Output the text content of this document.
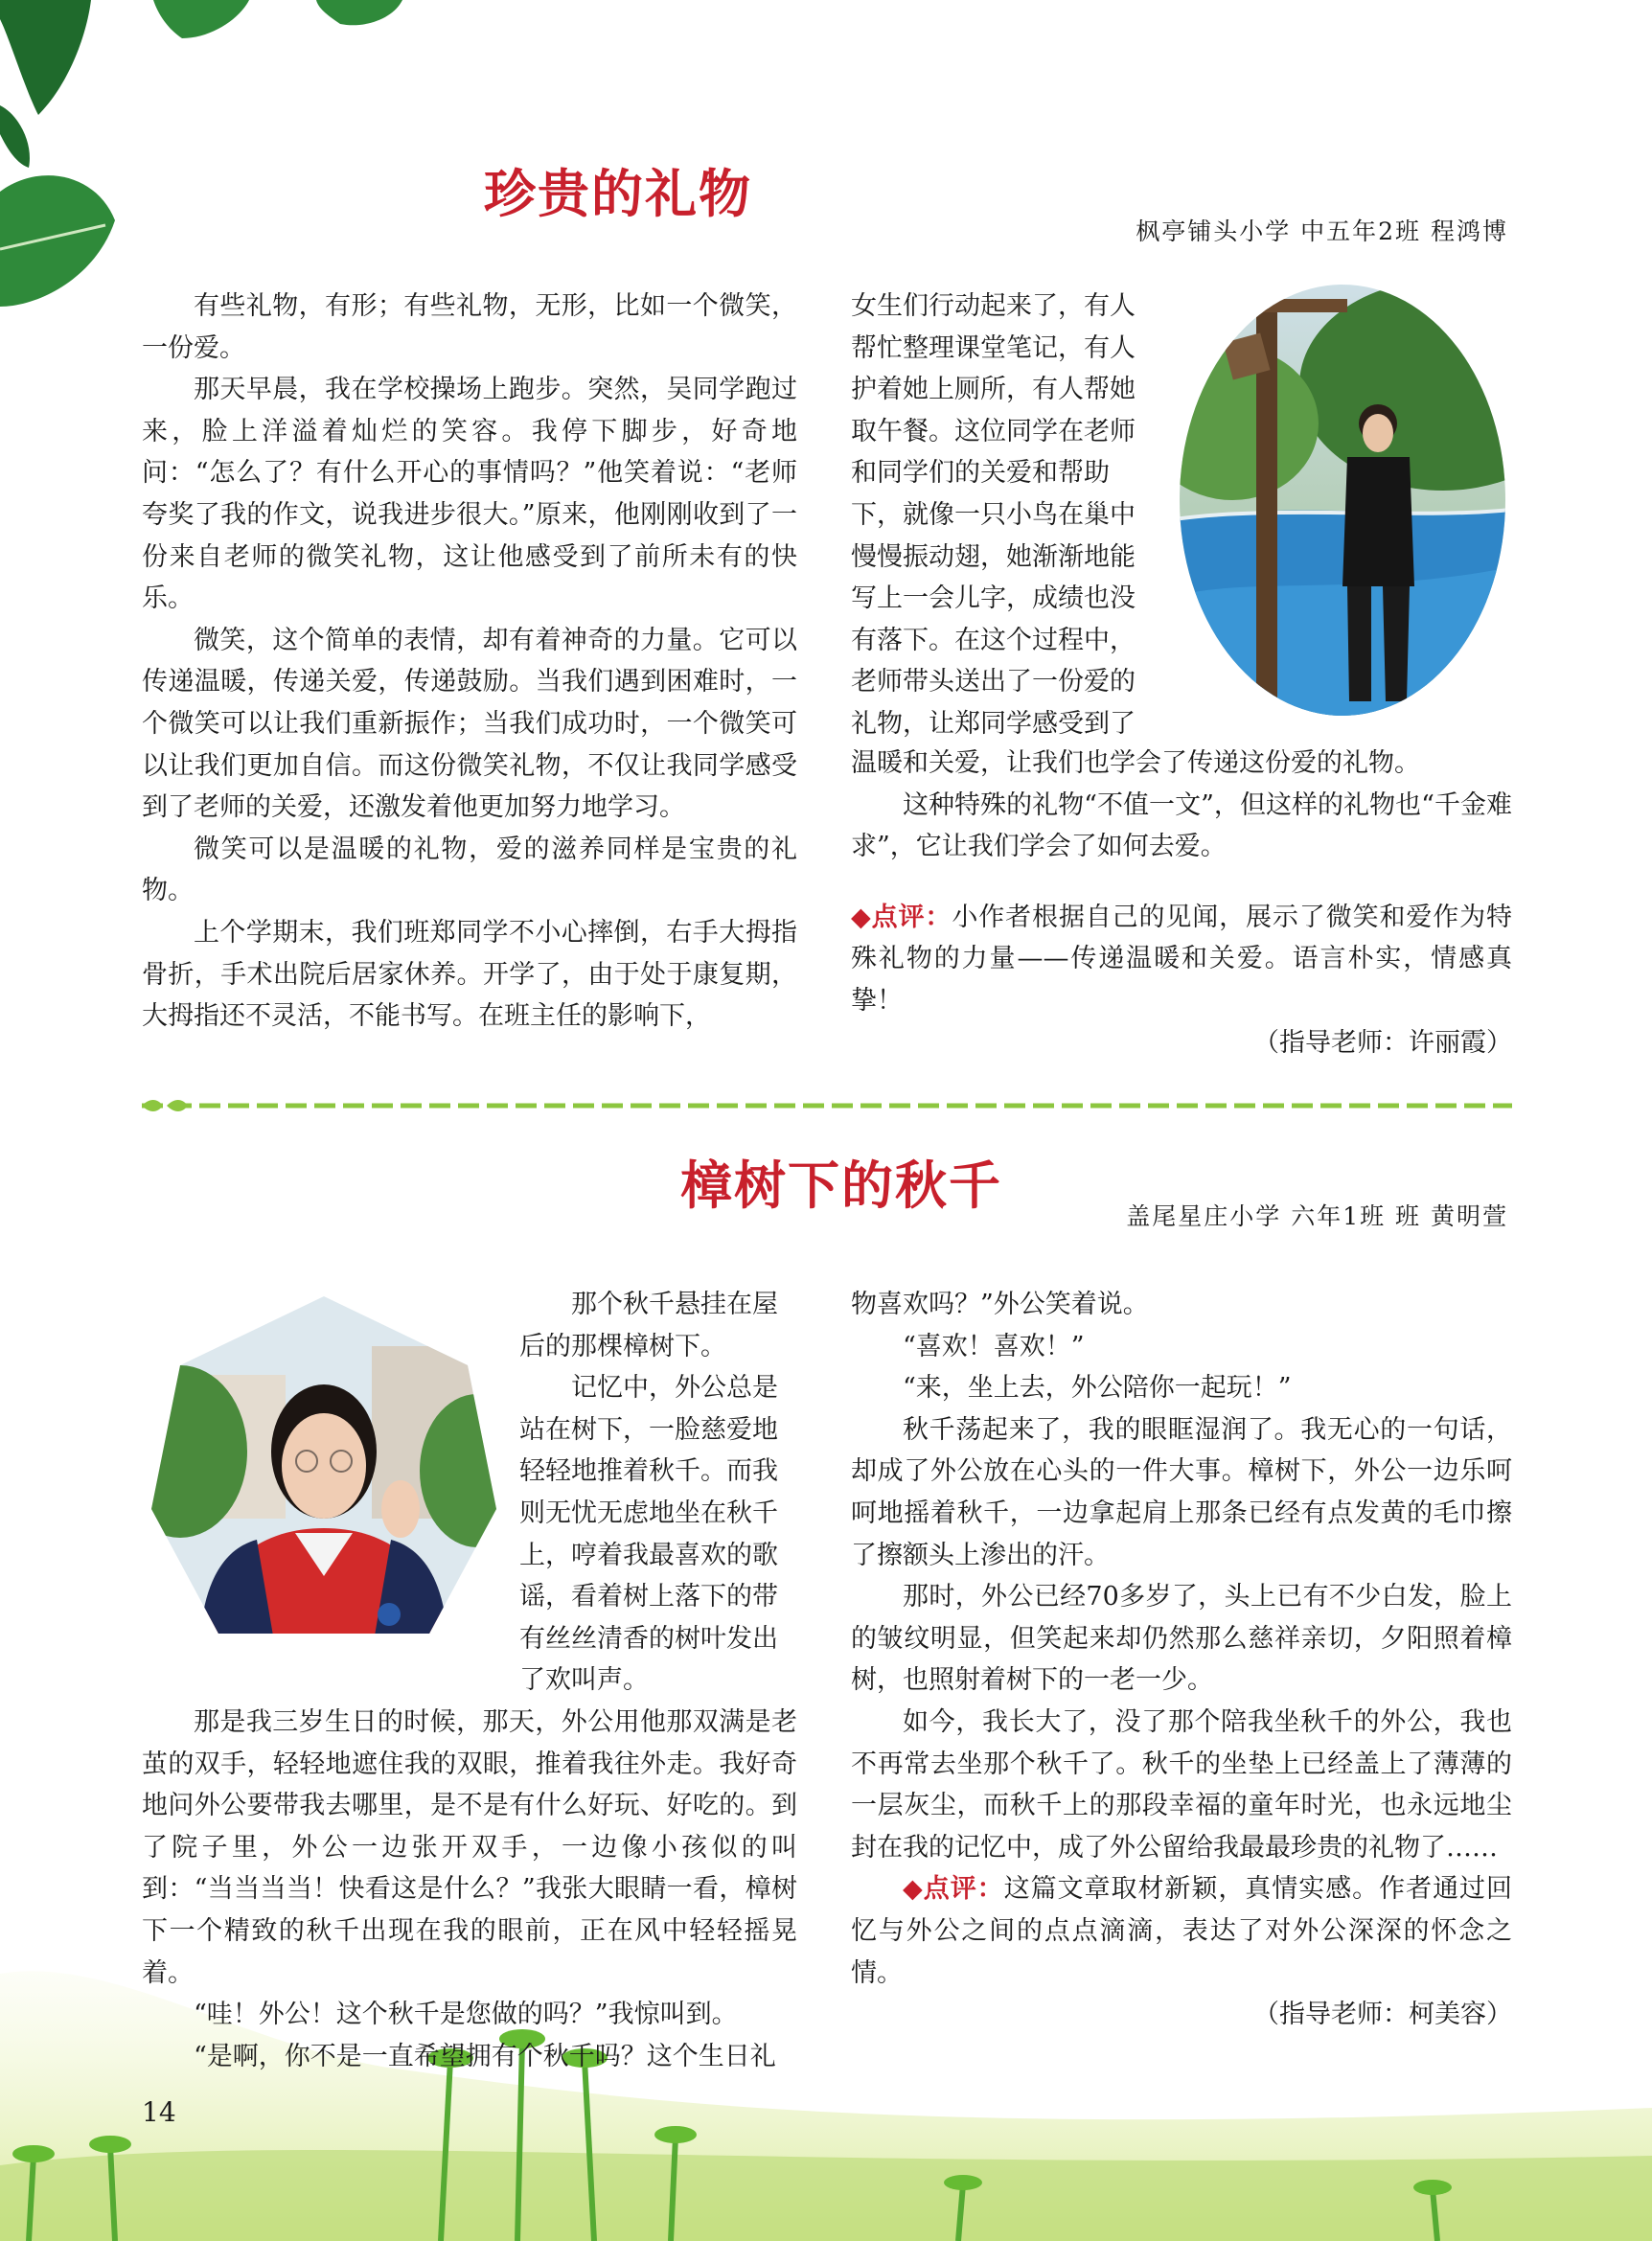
珍贵的礼物
枫亭铺头小学 中五年2班 程鸿博

有些礼物，有形；有些礼物，无形，比如一个微笑，一份爱。

那天早晨，我在学校操场上跑步。突然，吴同学跑过来，脸上洋溢着灿烂的笑容。我停下脚步，好奇地问：“怎么了？有什么开心的事情吗？”他笑着说：“老师夸奖了我的作文，说我进步很大。”原来，他刚刚收到了一份来自老师的微笑礼物，这让他感受到了前所未有的快乐。

微笑，这个简单的表情，却有着神奇的力量。它可以传递温暖，传递关爱，传递鼓励。当我们遇到困难时，一个微笑可以让我们重新振作；当我们成功时，一个微笑可以让我们更加自信。而这份微笑礼物，不仅让我同学感受到了老师的关爱，还激发着他更加努力地学习。

微笑可以是温暖的礼物，爱的滋养同样是宝贵的礼物。

上个学期末，我们班郑同学不小心摔倒，右手大拇指骨折，手术出院后居家休养。开学了，由于处于康复期，大拇指还不灵活，不能书写。在班主任的影响下，

女生们行动起来了，有人
帮忙整理课堂笔记，有人
护着她上厕所，有人帮她
取午餐。这位同学在老师
和同学们的关爱和帮助
下，就像一只小鸟在巢中
慢慢振动翅，她渐渐地能
写上一会儿字，成绩也没
有落下。在这个过程中，
老师带头送出了一份爱的
礼物，让郑同学感受到了

温暖和关爱，让我们也学会了传递这份爱的礼物。

这种特殊的礼物“不值一文”，但这样的礼物也“千金难求”，它让我们学会了如何去爱。

◆点评：小作者根据自己的见闻，展示了微笑和爱作为特殊礼物的力量——传递温暖和关爱。语言朴实，情感真挚！

（指导老师：许丽霞）

樟树下的秋千
盖尾星庄小学 六年1班 班 黄明萱
那个秋千悬挂在屋
后的那棵樟树下。
记忆中，外公总是
站在树下，一脸慈爱地
轻轻地推着秋千。而我
则无忧无虑地坐在秋千
上，哼着我最喜欢的歌
谣，看着树上落下的带
有丝丝清香的树叶发出
了欢叫声。

那是我三岁生日的时候，那天，外公用他那双满是老茧的双手，轻轻地遮住我的双眼，推着我往外走。我好奇地问外公要带我去哪里，是不是有什么好玩、好吃的。到了院子里，外公一边张开双手，一边像小孩似的叫到：“当当当当！快看这是什么？”我张大眼睛一看，樟树下一个精致的秋千出现在我的眼前，正在风中轻轻摇晃着。

“哇！外公！这个秋千是您做的吗？”我惊叫到。

“是啊，你不是一直希望拥有个秋千吗？这个生日礼

物喜欢吗？”外公笑着说。

“喜欢！喜欢！”

“来，坐上去，外公陪你一起玩！”

秋千荡起来了，我的眼眶湿润了。我无心的一句话，却成了外公放在心头的一件大事。樟树下，外公一边乐呵呵地摇着秋千，一边拿起肩上那条已经有点发黄的毛巾擦了擦额头上渗出的汗。

那时，外公已经70多岁了，头上已有不少白发，脸上的皱纹明显，但笑起来却仍然那么慈祥亲切，夕阳照着樟树，也照射着树下的一老一少。

如今，我长大了，没了那个陪我坐秋千的外公，我也不再常去坐那个秋千了。秋千的坐垫上已经盖上了薄薄的一层灰尘，而秋千上的那段幸福的童年时光，也永远地尘封在我的记忆中，成了外公留给我最最珍贵的礼物了……

◆点评：这篇文章取材新颖，真情实感。作者通过回忆与外公之间的点点滴滴，表达了对外公深深的怀念之情。

（指导老师：柯美容）

14
